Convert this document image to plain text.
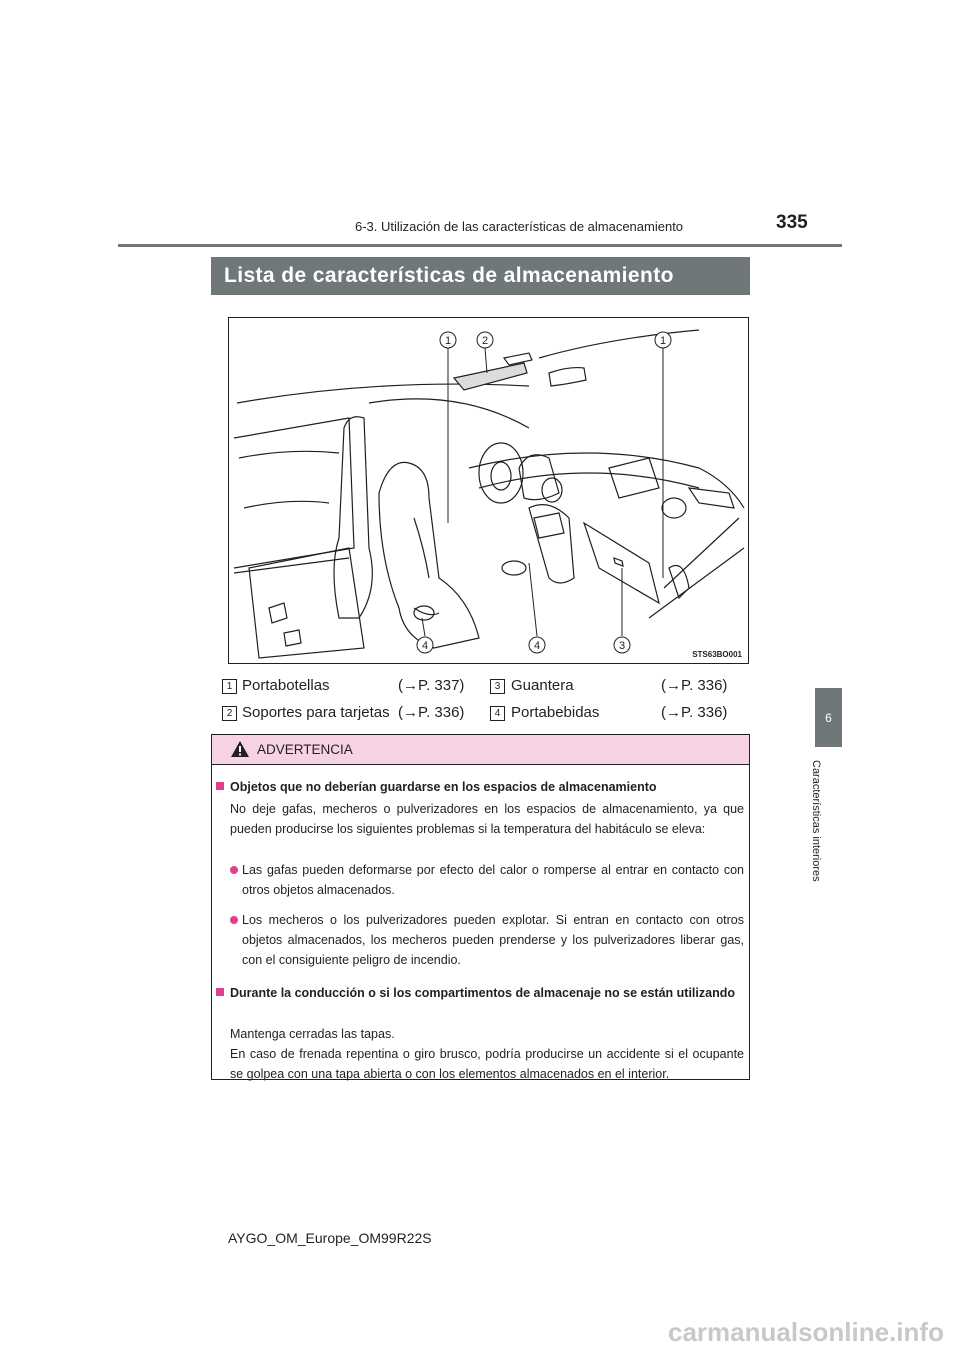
6-3. Utilización de las características de almacenamiento	335
6
Características interiores
Lista de características de almacenamiento
1	2	1
4	4	3
STS63BO001
1 Portabotellas	(→P. 337)
2 Soportes para tarjetas (→P. 336)
3 Guantera	(→P. 336)
4 Portabebidas	(→P. 336)
ADVERTENCIA
Objetos que no deberían guardarse en los espacios de almacenamiento
No deje gafas, mecheros o pulverizadores en los espacios de almacenamiento, ya que pueden producirse los siguientes problemas si la temperatura del habitáculo se eleva:
Las gafas pueden deformarse por efecto del calor o romperse al entrar en contacto con otros objetos almacenados.
Los mecheros o los pulverizadores pueden explotar. Si entran en contacto con otros objetos almacenados, los mecheros pueden prenderse y los pulverizadores liberar gas, con el consiguiente peligro de incendio.
Durante la conducción o si los compartimentos de almacenaje no se están utilizando
Mantenga cerradas las tapas.
En caso de frenada repentina o giro brusco, podría producirse un accidente si el ocupante se golpea con una tapa abierta o con los elementos almacenados en el interior.
AYGO_OM_Europe_OM99R22S
carmanualsonline.info
